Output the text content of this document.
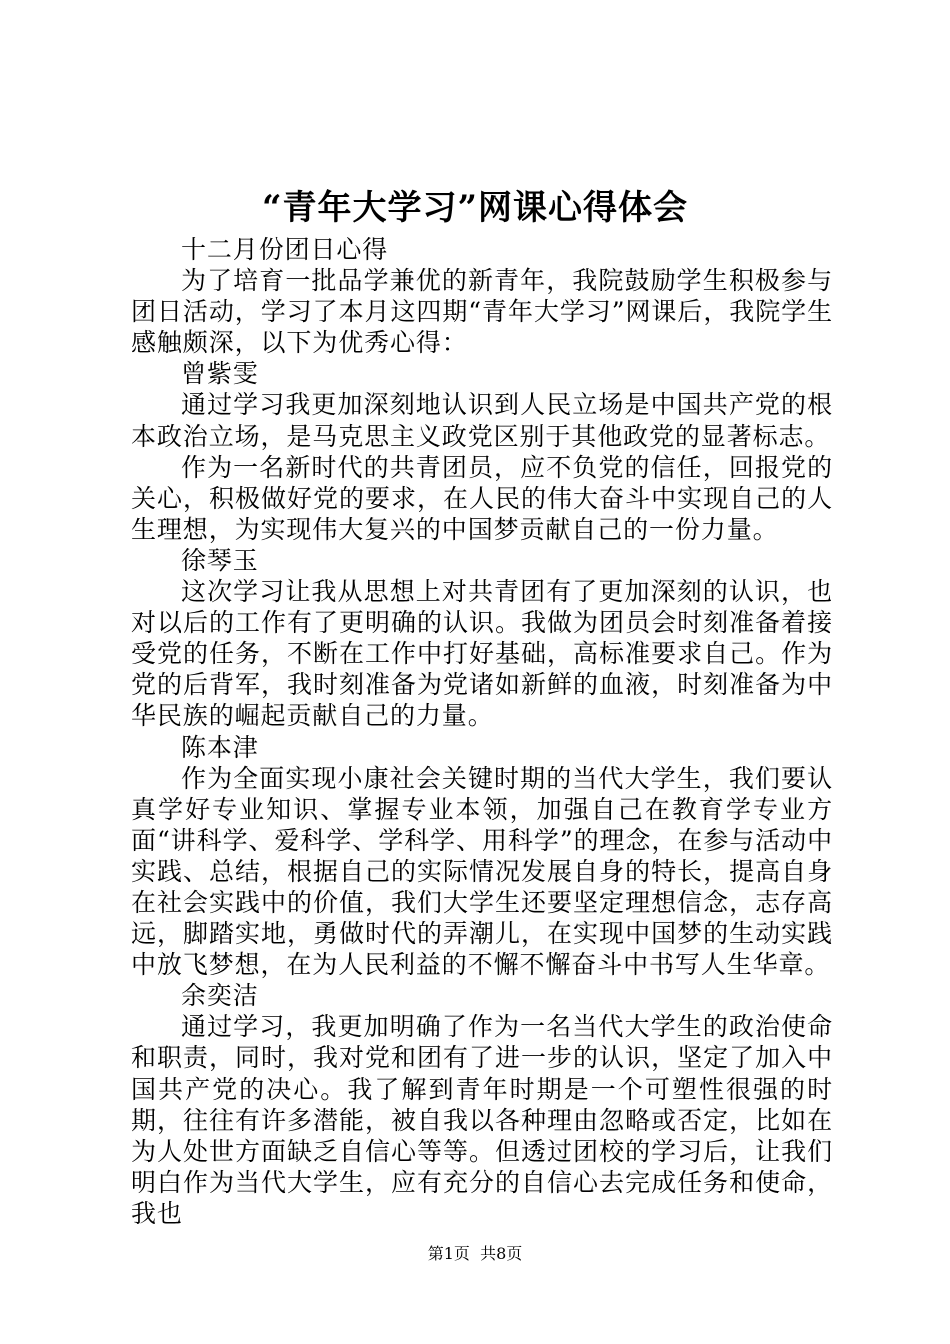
“青年大学习”网课心得体会

十二月份团日心得

为了培育一批品学兼优的新青年，我院鼓励学生积极参与团日活动，学习了本月这四期“青年大学习”网课后，我院学生感触颇深，以下为优秀心得：

曾紫雯

通过学习我更加深刻地认识到人民立场是中国共产党的根本政治立场，是马克思主义政党区别于其他政党的显著标志。

作为一名新时代的共青团员，应不负党的信任，回报党的关心，积极做好党的要求，在人民的伟大奋斗中实现自己的人生理想，为实现伟大复兴的中国梦贡献自己的一份力量。

徐琴玉

这次学习让我从思想上对共青团有了更加深刻的认识，也对以后的工作有了更明确的认识。我做为团员会时刻准备着接受党的任务，不断在工作中打好基础，高标准要求自己。作为党的后背军，我时刻准备为党诸如新鲜的血液，时刻准备为中华民族的崛起贡献自己的力量。

陈本津

作为全面实现小康社会关键时期的当代大学生，我们要认真学好专业知识、掌握专业本领，加强自己在教育学专业方面“讲科学、爱科学、学科学、用科学”的理念，在参与活动中实践、总结，根据自己的实际情况发展自身的特长，提高自身在社会实践中的价值，我们大学生还要坚定理想信念，志存高远，脚踏实地，勇做时代的弄潮儿，在实现中国梦的生动实践中放飞梦想，在为人民利益的不懈不懈奋斗中书写人生华章。

余奕洁

通过学习，我更加明确了作为一名当代大学生的政治使命和职责，同时，我对党和团有了进一步的认识，坚定了加入中国共产党的决心。我了解到青年时期是一个可塑性很强的时期，往往有许多潜能，被自我以各种理由忽略或否定，比如在为人处世方面缺乏自信心等等。但透过团校的学习后，让我们明白作为当代大学生，应有充分的自信心去完成任务和使命，我也

第1页  共8页
